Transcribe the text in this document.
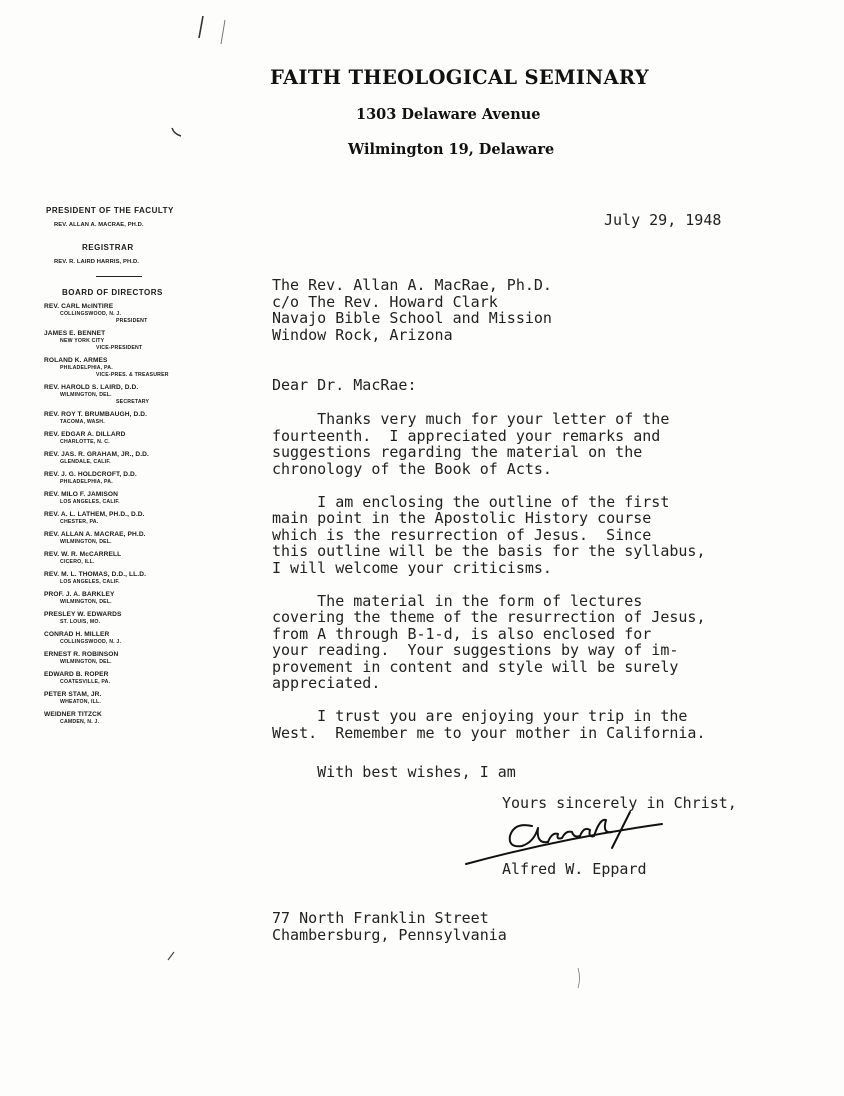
FAITH THEOLOGICAL SEMINARY
1303 Delaware Avenue
Wilmington 19, Delaware
PRESIDENT OF THE FACULTY
REV. ALLAN A. MACRAE, PH.D.
REGISTRAR
REV. R. LAIRD HARRIS, PH.D.
BOARD OF DIRECTORS
REV. CARL McINTIRE
COLLINGSWOOD, N. J.
PRESIDENT
JAMES E. BENNET
NEW YORK CITY
VICE-PRESIDENT
ROLAND K. ARMES
PHILADELPHIA, PA.
VICE-PRES. & TREASURER
REV. HAROLD S. LAIRD, D.D.
WILMINGTON, DEL.
SECRETARY
REV. ROY T. BRUMBAUGH, D.D.
TACOMA, WASH.
REV. EDGAR A. DILLARD
CHARLOTTE, N. C.
REV. JAS. R. GRAHAM, JR., D.D.
GLENDALE, CALIF.
REV. J. G. HOLDCROFT, D.D.
PHILADELPHIA, PA.
REV. MILO F. JAMISON
LOS ANGELES, CALIF.
REV. A. L. LATHEM, PH.D., D.D.
CHESTER, PA.
REV. ALLAN A. MACRAE, PH.D.
WILMINGTON, DEL.
REV. W. R. McCARRELL
CICERO, ILL.
REV. M. L. THOMAS, D.D., LL.D.
LOS ANGELES, CALIF.
PROF. J. A. BARKLEY
WILMINGTON, DEL.
PRESLEY W. EDWARDS
ST. LOUIS, MO.
CONRAD H. MILLER
COLLINGSWOOD, N. J.
ERNEST R. ROBINSON
WILMINGTON, DEL.
EDWARD B. ROPER
COATESVILLE, PA.
PETER STAM, JR.
WHEATON, ILL.
WEIDNER TITZCK
CAMDEN, N. J.
July 29, 1948
The Rev. Allan A. MacRae, Ph.D.
c/o The Rev. Howard Clark
Navajo Bible School and Mission
Window Rock, Arizona
Dear Dr. MacRae:
Thanks very much for your letter of the
fourteenth.  I appreciated your remarks and
suggestions regarding the material on the
chronology of the Book of Acts.
I am enclosing the outline of the first
main point in the Apostolic History course
which is the resurrection of Jesus.  Since
this outline will be the basis for the syllabus,
I will welcome your criticisms.
The material in the form of lectures
covering the theme of the resurrection of Jesus,
from A through B-1-d, is also enclosed for
your reading.  Your suggestions by way of im-
provement in content and style will be surely
appreciated.
I trust you are enjoying your trip in the
West.  Remember me to your mother in California.
With best wishes, I am
Yours sincerely in Christ,
Alfred
Alfred W. Eppard
77 North Franklin Street
Chambersburg, Pennsylvania
